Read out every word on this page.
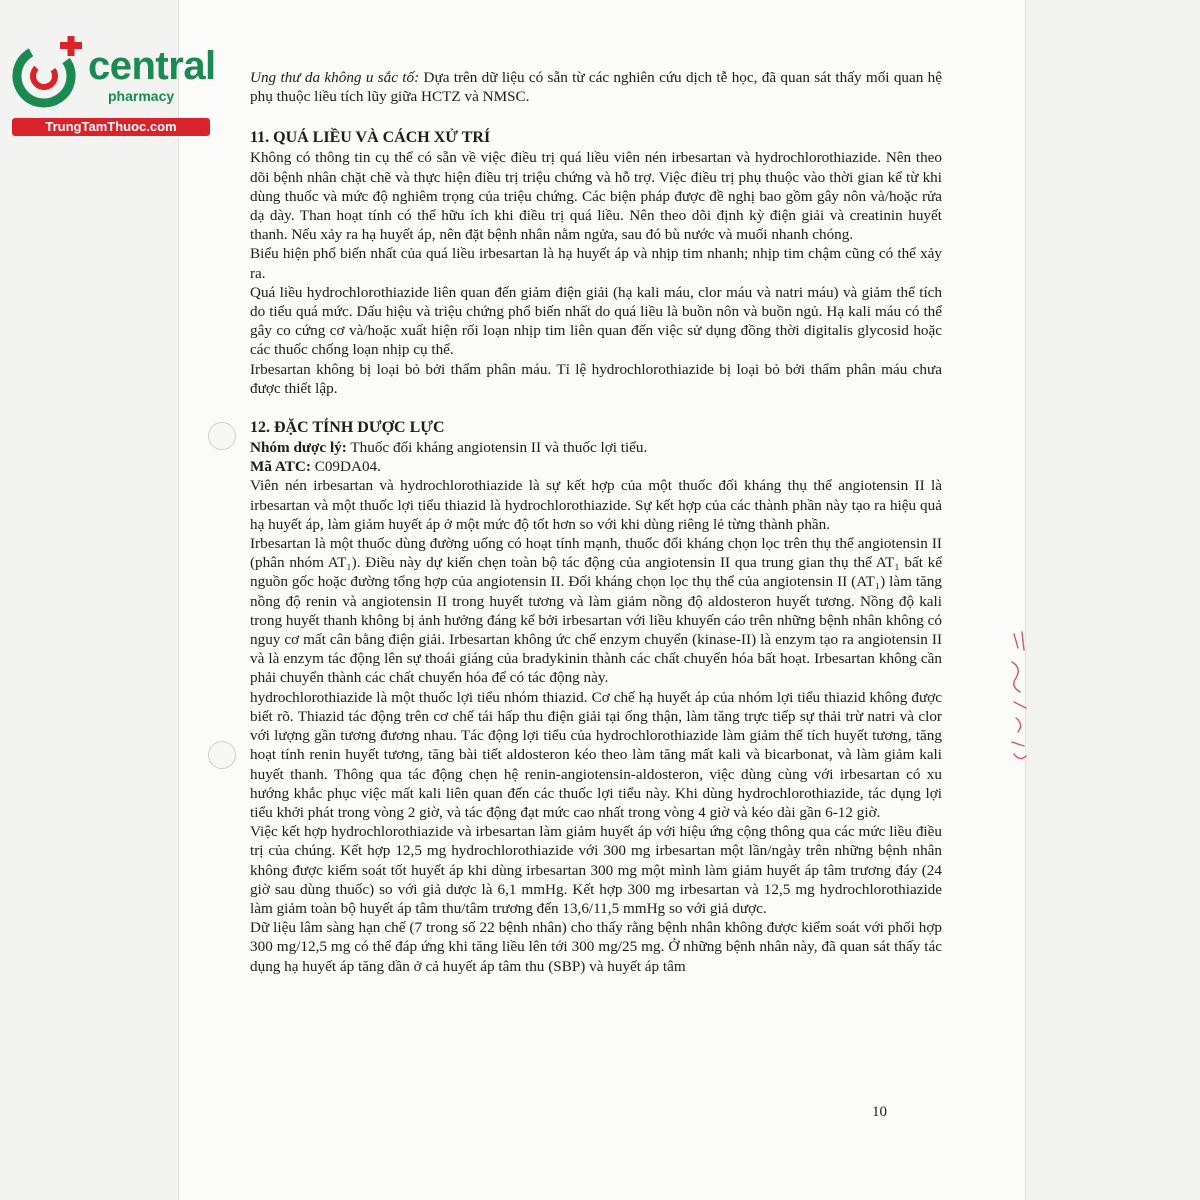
central
pharmacy
TrungTamThuoc.com

Ung thư da không u sắc tố: Dựa trên dữ liệu có sẵn từ các nghiên cứu dịch tễ học, đã quan sát thấy mối quan hệ phụ thuộc liều tích lũy giữa HCTZ và NMSC.

11. QUÁ LIỀU VÀ CÁCH XỬ TRÍ

Không có thông tin cụ thể có sẵn về việc điều trị quá liều viên nén irbesartan và hydrochlorothiazide. Nên theo dõi bệnh nhân chặt chẽ và thực hiện điều trị triệu chứng và hỗ trợ. Việc điều trị phụ thuộc vào thời gian kể từ khi dùng thuốc và mức độ nghiêm trọng của triệu chứng. Các biện pháp được đề nghị bao gồm gây nôn và/hoặc rửa dạ dày. Than hoạt tính có thể hữu ích khi điều trị quá liều. Nên theo dõi định kỳ điện giải và creatinin huyết thanh. Nếu xảy ra hạ huyết áp, nên đặt bệnh nhân nằm ngửa, sau đó bù nước và muối nhanh chóng.

Biểu hiện phổ biến nhất của quá liều irbesartan là hạ huyết áp và nhịp tim nhanh; nhịp tim chậm cũng có thể xảy ra.

Quá liều hydrochlorothiazide liên quan đến giảm điện giải (hạ kali máu, clor máu và natri máu) và giảm thể tích do tiểu quá mức. Dấu hiệu và triệu chứng phổ biến nhất do quá liều là buồn nôn và buồn ngủ. Hạ kali máu có thể gây co cứng cơ và/hoặc xuất hiện rối loạn nhịp tim liên quan đến việc sử dụng đồng thời digitalis glycosid hoặc các thuốc chống loạn nhịp cụ thể.

Irbesartan không bị loại bỏ bởi thẩm phân máu. Tỉ lệ hydrochlorothiazide bị loại bỏ bởi thẩm phân máu chưa được thiết lập.

12. ĐẶC TÍNH DƯỢC LỰC

Nhóm dược lý: Thuốc đối kháng angiotensin II và thuốc lợi tiểu.

Mã ATC: C09DA04.

Viên nén irbesartan và hydrochlorothiazide là sự kết hợp của một thuốc đối kháng thụ thể angiotensin II là irbesartan và một thuốc lợi tiểu thiazid là hydrochlorothiazide. Sự kết hợp của các thành phần này tạo ra hiệu quả hạ huyết áp, làm giảm huyết áp ở một mức độ tốt hơn so với khi dùng riêng lẻ từng thành phần.

Irbesartan là một thuốc dùng đường uống có hoạt tính mạnh, thuốc đối kháng chọn lọc trên thụ thể angiotensin II (phân nhóm AT₁). Điều này dự kiến chẹn toàn bộ tác động của angiotensin II qua trung gian thụ thể AT₁ bất kể nguồn gốc hoặc đường tổng hợp của angiotensin II. Đối kháng chọn lọc thụ thể của angiotensin II (AT₁) làm tăng nồng độ renin và angiotensin II trong huyết tương và làm giảm nồng độ aldosteron huyết tương. Nồng độ kali trong huyết thanh không bị ảnh hưởng đáng kể bởi irbesartan với liều khuyến cáo trên những bệnh nhân không có nguy cơ mất cân bằng điện giải. Irbesartan không ức chế enzym chuyển (kinase-II) là enzym tạo ra angiotensin II và là enzym tác động lên sự thoái giáng của bradykinin thành các chất chuyển hóa bất hoạt. Irbesartan không cần phải chuyển thành các chất chuyển hóa để có tác động này.

hydrochlorothiazide là một thuốc lợi tiểu nhóm thiazid. Cơ chế hạ huyết áp của nhóm lợi tiểu thiazid không được biết rõ. Thiazid tác động trên cơ chế tái hấp thu điện giải tại ống thận, làm tăng trực tiếp sự thải trừ natri và clor với lượng gần tương đương nhau. Tác động lợi tiểu của hydrochlorothiazide làm giảm thể tích huyết tương, tăng hoạt tính renin huyết tương, tăng bài tiết aldosteron kéo theo làm tăng mất kali và bicarbonat, và làm giảm kali huyết thanh. Thông qua tác động chẹn hệ renin-angiotensin-aldosteron, việc dùng cùng với irbesartan có xu hướng khắc phục việc mất kali liên quan đến các thuốc lợi tiểu này. Khi dùng hydrochlorothiazide, tác dụng lợi tiểu khởi phát trong vòng 2 giờ, và tác động đạt mức cao nhất trong vòng 4 giờ và kéo dài gần 6-12 giờ.

Việc kết hợp hydrochlorothiazide và irbesartan làm giảm huyết áp với hiệu ứng cộng thông qua các mức liều điều trị của chúng. Kết hợp 12,5 mg hydrochlorothiazide với 300 mg irbesartan một lần/ngày trên những bệnh nhân không được kiểm soát tốt huyết áp khi dùng irbesartan 300 mg một mình làm giảm huyết áp tâm trương đáy (24 giờ sau dùng thuốc) so với giả dược là 6,1 mmHg. Kết hợp 300 mg irbesartan và 12,5 mg hydrochlorothiazide làm giảm toàn bộ huyết áp tâm thu/tâm trương đến 13,6/11,5 mmHg so với giả dược.

Dữ liệu lâm sàng hạn chế (7 trong số 22 bệnh nhân) cho thấy rằng bệnh nhân không được kiểm soát với phối hợp 300 mg/12,5 mg có thể đáp ứng khi tăng liều lên tới 300 mg/25 mg. Ở những bệnh nhân này, đã quan sát thấy tác dụng hạ huyết áp tăng dần ở cả huyết áp tâm thu (SBP) và huyết áp tâm

10
